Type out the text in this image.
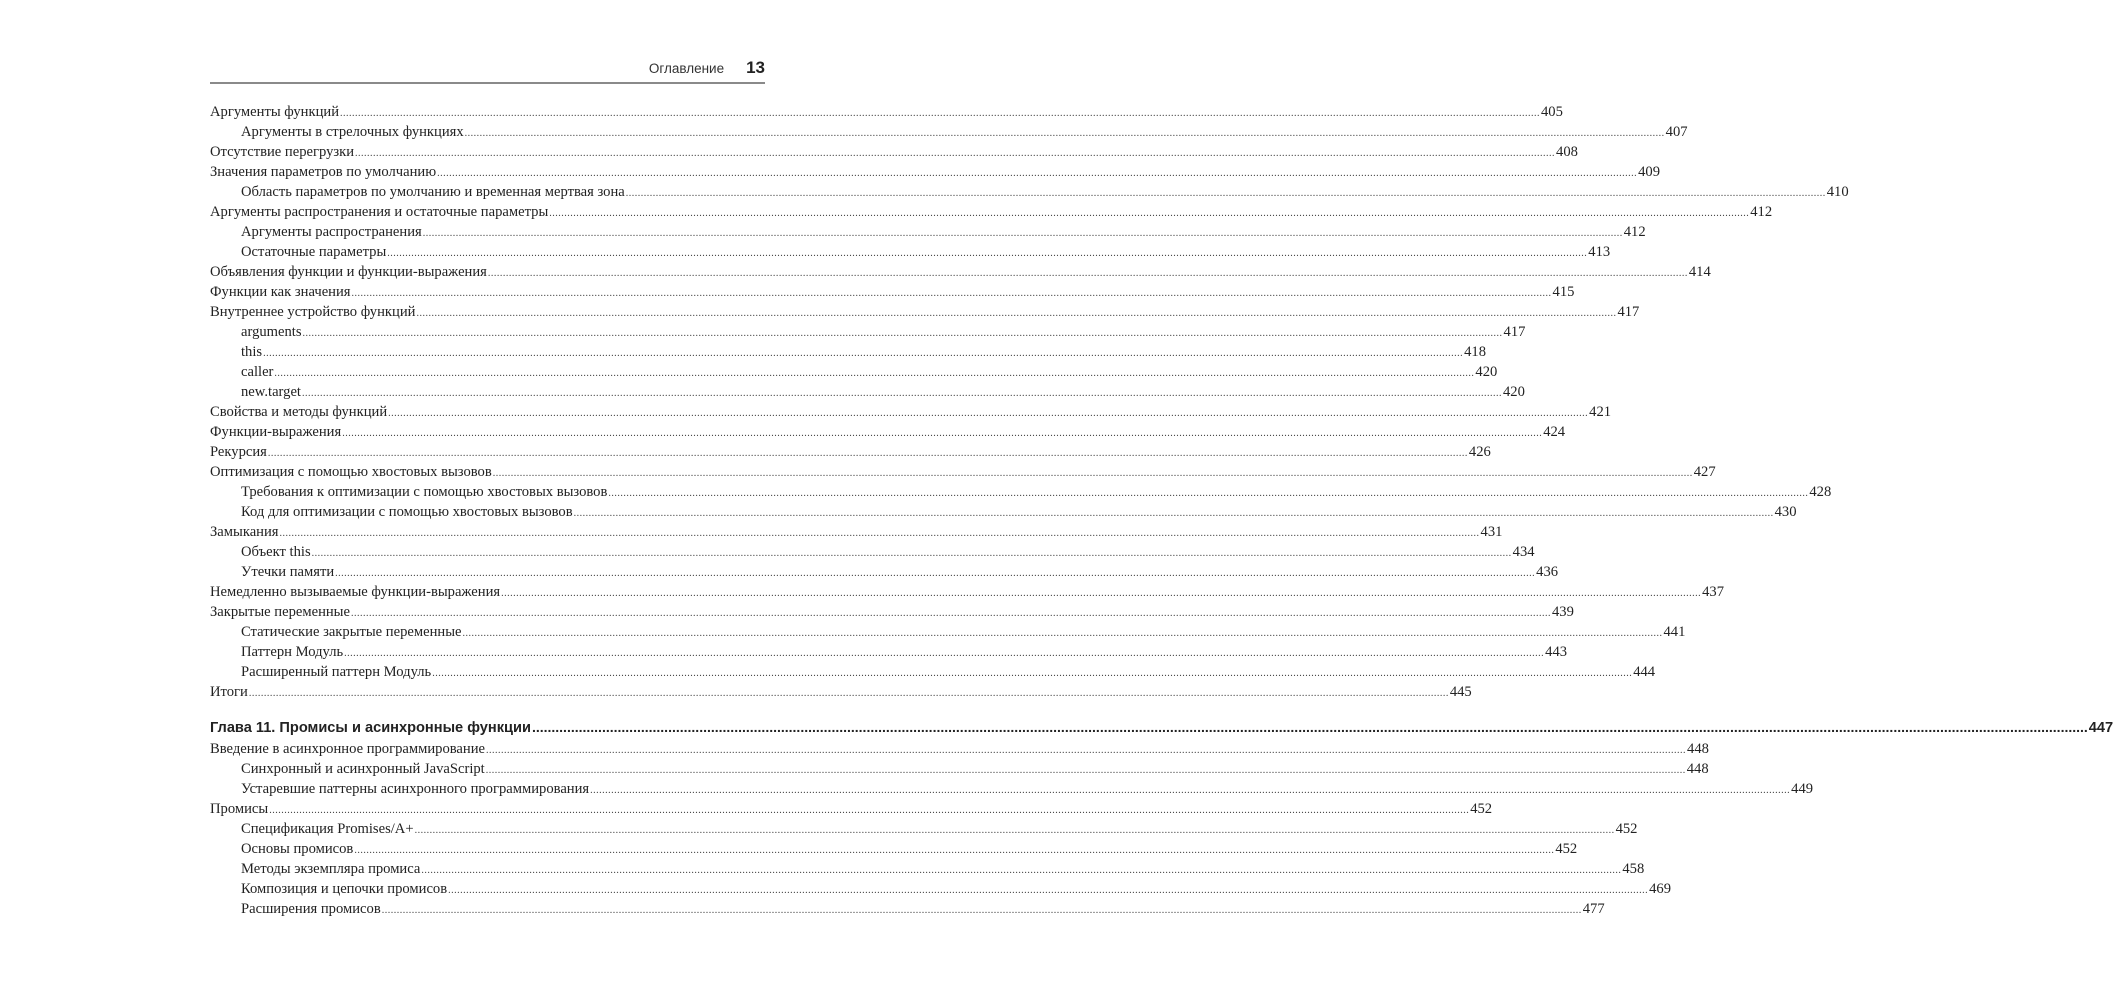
Оглавление 13
Аргументы функций ................................................................................................................................................................................................................................................................................................................................................................................................................ 405
Аргументы в стрелочных функциях ................................................................................................................................................................................................................................................................................................................................................................................................................ 407
Отсутствие перегрузки ................................................................................................................................................................................................................................................................................................................................................................................................................ 408
Значения параметров по умолчанию ................................................................................................................................................................................................................................................................................................................................................................................................................ 409
Область параметров по умолчанию и временная мертвая зона ................................................................................................................................................................................................................................................................................................................................................................................................................ 410
Аргументы распространения и остаточные параметры ................................................................................................................................................................................................................................................................................................................................................................................................................ 412
Аргументы распространения ................................................................................................................................................................................................................................................................................................................................................................................................................ 412
Остаточные параметры ................................................................................................................................................................................................................................................................................................................................................................................................................ 413
Объявления функции и функции-выражения ................................................................................................................................................................................................................................................................................................................................................................................................................ 414
Функции как значения ................................................................................................................................................................................................................................................................................................................................................................................................................ 415
Внутреннее устройство функций ................................................................................................................................................................................................................................................................................................................................................................................................................ 417
arguments ................................................................................................................................................................................................................................................................................................................................................................................................................ 417
this ................................................................................................................................................................................................................................................................................................................................................................................................................ 418
caller ................................................................................................................................................................................................................................................................................................................................................................................................................ 420
new.target ................................................................................................................................................................................................................................................................................................................................................................................................................ 420
Свойства и методы функций ................................................................................................................................................................................................................................................................................................................................................................................................................ 421
Функции-выражения ................................................................................................................................................................................................................................................................................................................................................................................................................ 424
Рекурсия ................................................................................................................................................................................................................................................................................................................................................................................................................ 426
Оптимизация с помощью хвостовых вызовов ................................................................................................................................................................................................................................................................................................................................................................................................................ 427
Требования к оптимизации с помощью хвостовых вызовов ................................................................................................................................................................................................................................................................................................................................................................................................................ 428
Код для оптимизации с помощью хвостовых вызовов ................................................................................................................................................................................................................................................................................................................................................................................................................ 430
Замыкания ................................................................................................................................................................................................................................................................................................................................................................................................................ 431
Объект this ................................................................................................................................................................................................................................................................................................................................................................................................................ 434
Утечки памяти ................................................................................................................................................................................................................................................................................................................................................................................................................ 436
Немедленно вызываемые функции-выражения ................................................................................................................................................................................................................................................................................................................................................................................................................ 437
Закрытые переменные ................................................................................................................................................................................................................................................................................................................................................................................................................ 439
Статические закрытые переменные ................................................................................................................................................................................................................................................................................................................................................................................................................ 441
Паттерн Модуль ................................................................................................................................................................................................................................................................................................................................................................................................................ 443
Расширенный паттерн Модуль ................................................................................................................................................................................................................................................................................................................................................................................................................ 444
Итоги ................................................................................................................................................................................................................................................................................................................................................................................................................ 445
Глава 11. Промисы и асинхронные функции ................................................................................................................................................................................................................................................................................................................................................................................................................ 447
Введение в асинхронное программирование ................................................................................................................................................................................................................................................................................................................................................................................................................ 448
Синхронный и асинхронный JavaScript ................................................................................................................................................................................................................................................................................................................................................................................................................ 448
Устаревшие паттерны асинхронного программирования ................................................................................................................................................................................................................................................................................................................................................................................................................ 449
Промисы ................................................................................................................................................................................................................................................................................................................................................................................................................ 452
Спецификация Promises/A+ ................................................................................................................................................................................................................................................................................................................................................................................................................ 452
Основы промисов ................................................................................................................................................................................................................................................................................................................................................................................................................ 452
Методы экземпляра промиса ................................................................................................................................................................................................................................................................................................................................................................................................................ 458
Композиция и цепочки промисов ................................................................................................................................................................................................................................................................................................................................................................................................................ 469
Расширения промисов ................................................................................................................................................................................................................................................................................................................................................................................................................ 477
